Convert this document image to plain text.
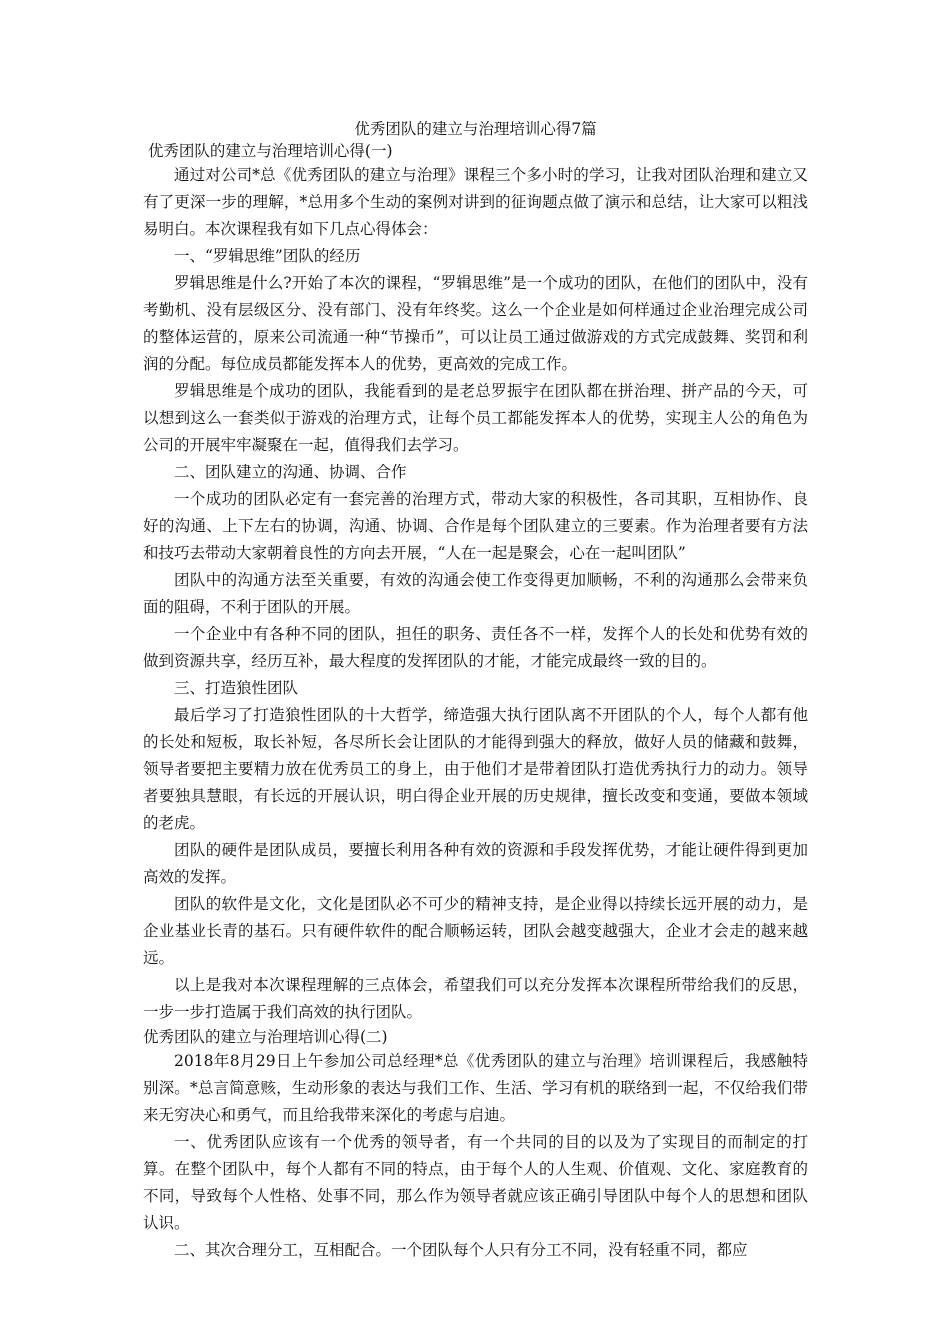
优秀团队的建立与治理培训心得7篇

优秀团队的建立与治理培训心得(一)

通过对公司*总《优秀团队的建立与治理》课程三个多小时的学习，让我对团队治理和建立又有了更深一步的理解，*总用多个生动的案例对讲到的征询题点做了演示和总结，让大家可以粗浅易明白。本次课程我有如下几点心得体会：

一、“罗辑思维”团队的经历

罗辑思维是什么?开始了本次的课程，“罗辑思维”是一个成功的团队，在他们的团队中，没有考勤机、没有层级区分、没有部门、没有年终奖。这么一个企业是如何样通过企业治理完成公司的整体运营的，原来公司流通一种“节操币”，可以让员工通过做游戏的方式完成鼓舞、奖罚和利润的分配。每位成员都能发挥本人的优势，更高效的完成工作。

罗辑思维是个成功的团队，我能看到的是老总罗振宇在团队都在拼治理、拼产品的今天，可以想到这么一套类似于游戏的治理方式，让每个员工都能发挥本人的优势，实现主人公的角色为公司的开展牢牢凝聚在一起，值得我们去学习。

二、团队建立的沟通、协调、合作

一个成功的团队必定有一套完善的治理方式，带动大家的积极性，各司其职，互相协作、良好的沟通、上下左右的协调，沟通、协调、合作是每个团队建立的三要素。作为治理者要有方法和技巧去带动大家朝着良性的方向去开展，“人在一起是聚会，心在一起叫团队”

团队中的沟通方法至关重要，有效的沟通会使工作变得更加顺畅，不利的沟通那么会带来负面的阻碍，不利于团队的开展。

一个企业中有各种不同的团队，担任的职务、责任各不一样，发挥个人的长处和优势有效的做到资源共享，经历互补，最大程度的发挥团队的才能，才能完成最终一致的目的。

三、打造狼性团队

最后学习了打造狼性团队的十大哲学，缔造强大执行团队离不开团队的个人，每个人都有他的长处和短板，取长补短，各尽所长会让团队的才能得到强大的释放，做好人员的储藏和鼓舞，领导者要把主要精力放在优秀员工的身上，由于他们才是带着团队打造优秀执行力的动力。领导者要独具慧眼，有长远的开展认识，明白得企业开展的历史规律，擅长改变和变通，要做本领域的老虎。

团队的硬件是团队成员，要擅长利用各种有效的资源和手段发挥优势，才能让硬件得到更加高效的发挥。

团队的软件是文化，文化是团队必不可少的精神支持，是企业得以持续长远开展的动力，是企业基业长青的基石。只有硬件软件的配合顺畅运转，团队会越变越强大，企业才会走的越来越远。

以上是我对本次课程理解的三点体会，希望我们可以充分发挥本次课程所带给我们的反思，一步一步打造属于我们高效的执行团队。

优秀团队的建立与治理培训心得(二)

2018年8月29日上午参加公司总经理*总《优秀团队的建立与治理》培训课程后，我感触特别深。*总言简意赅，生动形象的表达与我们工作、生活、学习有机的联络到一起，不仅给我们带来无穷决心和勇气，而且给我带来深化的考虑与启迪。

一、优秀团队应该有一个优秀的领导者，有一个共同的目的以及为了实现目的而制定的打算。在整个团队中，每个人都有不同的特点，由于每个人的人生观、价值观、文化、家庭教育的不同，导致每个人性格、处事不同，那么作为领导者就应该正确引导团队中每个人的思想和团队认识。

二、其次合理分工，互相配合。一个团队每个人只有分工不同，没有轻重不同，都应
